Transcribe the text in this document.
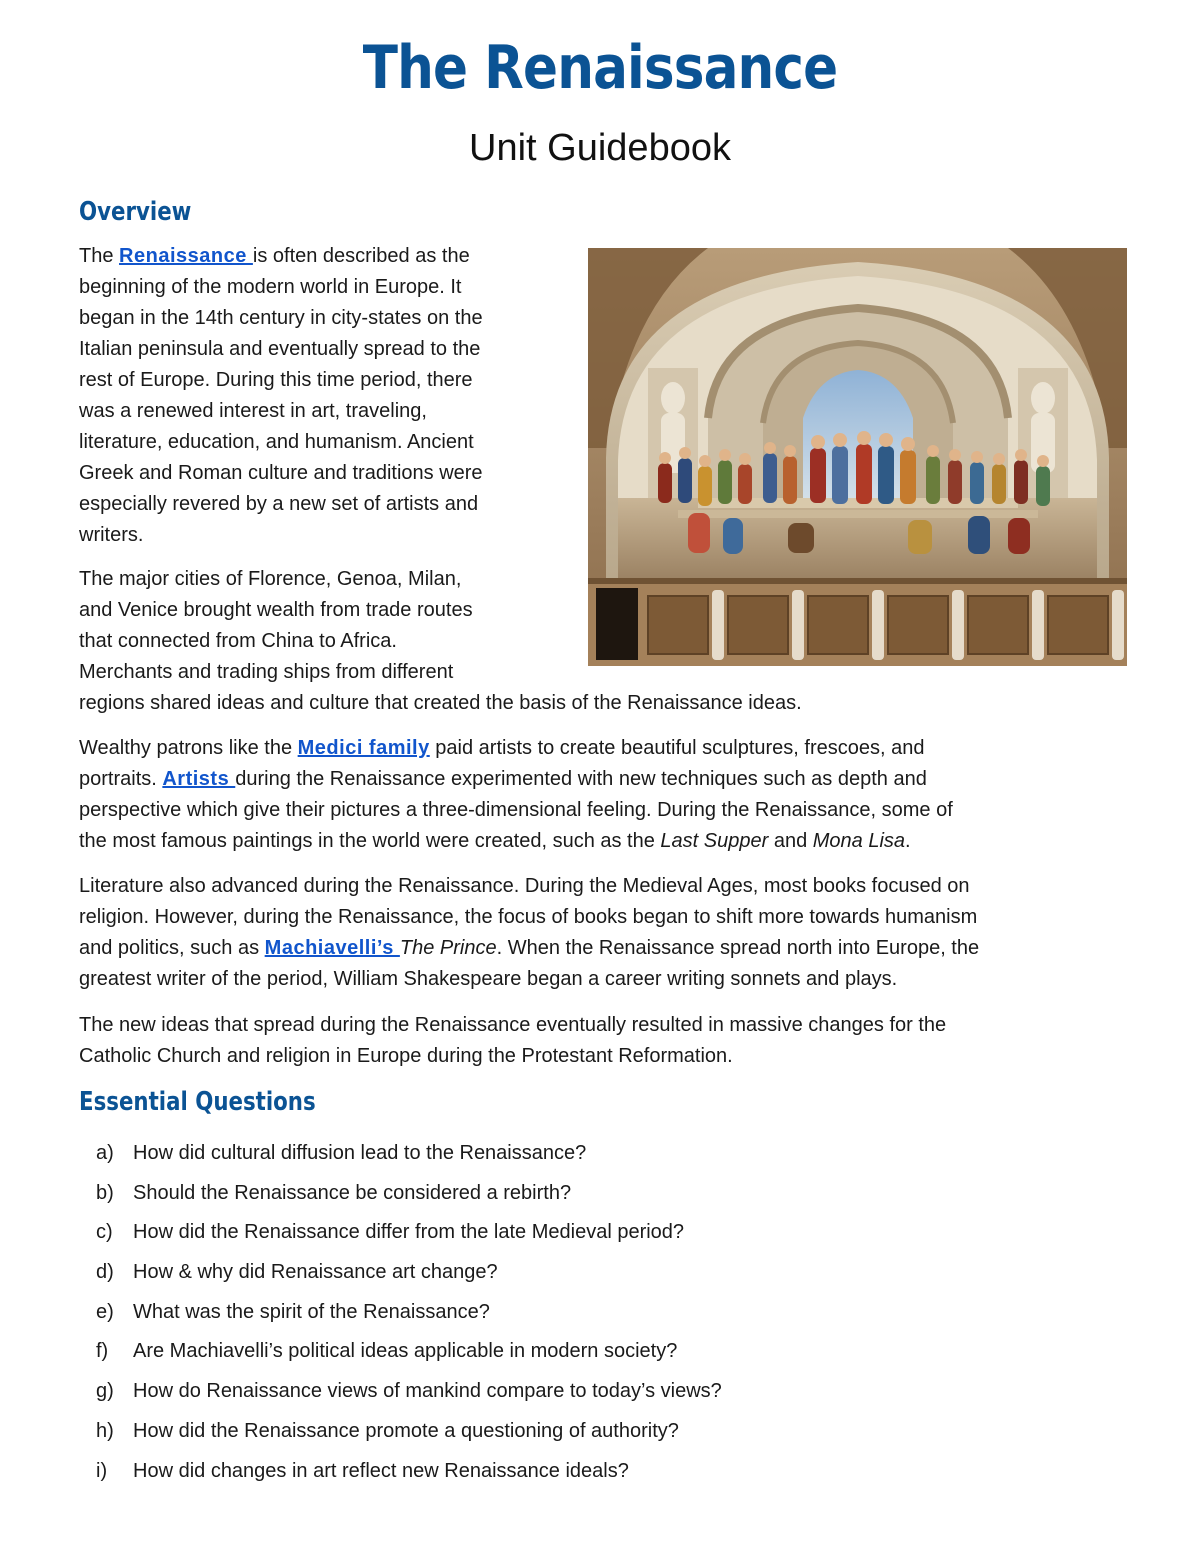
The Renaissance
Unit Guidebook
Overview
The Renaissance is often described as the
beginning of the modern world in Europe. It
began in the 14th century in city-states on the
Italian peninsula and eventually spread to the
rest of Europe. During this time period, there
was a renewed interest in art, traveling,
literature, education, and humanism. Ancient
Greek and Roman culture and traditions were
especially revered by a new set of artists and
writers.
The major cities of Florence, Genoa, Milan,
and Venice brought wealth from trade routes
that connected from China to Africa.
Merchants and trading ships from different
regions shared ideas and culture that created the basis of the Renaissance ideas.
Wealthy patrons like the Medici family paid artists to create beautiful sculptures, frescoes, and
portraits. Artists during the Renaissance experimented with new techniques such as depth and
perspective which give their pictures a three-dimensional feeling. During the Renaissance, some of
the most famous paintings in the world were created, such as the Last Supper and Mona Lisa.
Literature also advanced during the Renaissance. During the Medieval Ages, most books focused on
religion. However, during the Renaissance, the focus of books began to shift more towards humanism
and politics, such as Machiavelli’s The Prince. When the Renaissance spread north into Europe, the
greatest writer of the period, William Shakespeare began a career writing sonnets and plays.
The new ideas that spread during the Renaissance eventually resulted in massive changes for the
Catholic Church and religion in Europe during the Protestant Reformation.
Essential Questions
a) How did cultural diffusion lead to the Renaissance?
b) Should the Renaissance be considered a rebirth?
c) How did the Renaissance differ from the late Medieval period?
d) How & why did Renaissance art change?
e) What was the spirit of the Renaissance?
f) Are Machiavelli’s political ideas applicable in modern society?
g) How do Renaissance views of mankind compare to today’s views?
h) How did the Renaissance promote a questioning of authority?
i) How did changes in art reflect new Renaissance ideals?
